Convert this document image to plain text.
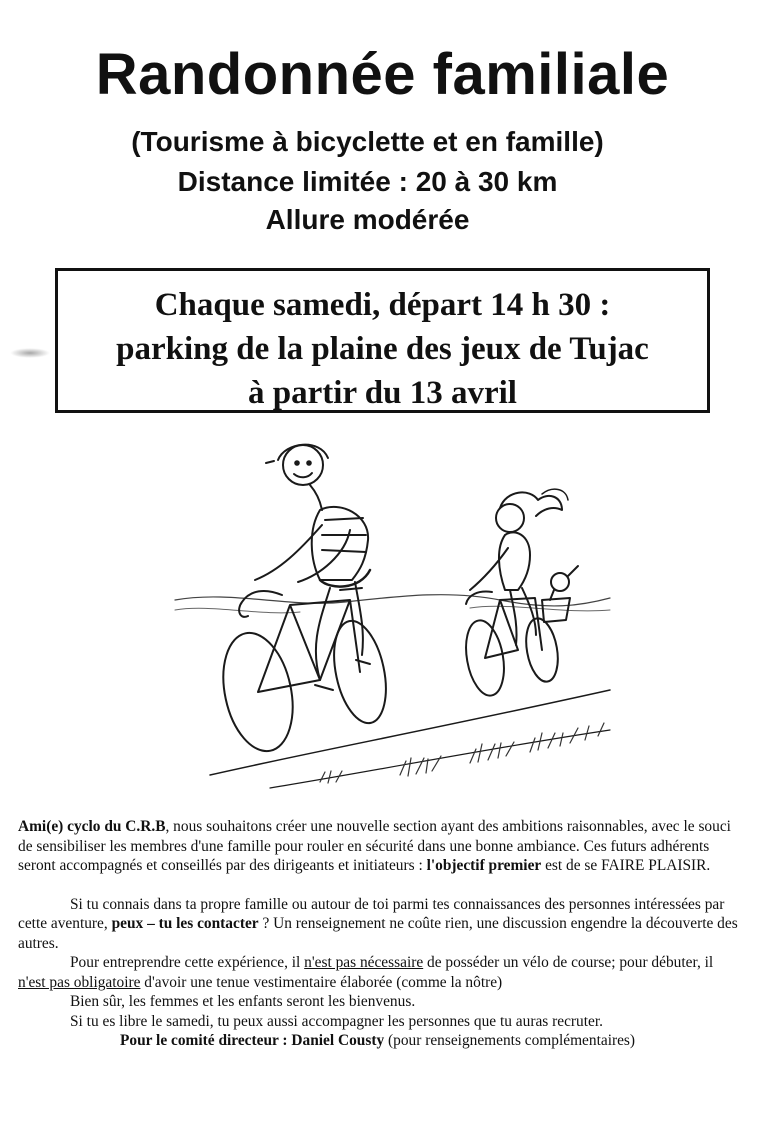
Randonnée familiale

(Tourisme à bicyclette et en famille)

Distance limitée : 20 à 30 km

Allure modérée

Chaque samedi, départ 14 h 30 :
parking de la plaine des jeux de Tujac
à partir du 13 avril

Ami(e) cyclo du C.R.B, nous souhaitons créer une nouvelle section ayant des ambitions raisonnables, avec le souci de sensibiliser les membres d'une famille pour rouler en sécurité dans une bonne ambiance. Ces futurs adhérents seront accompagnés et conseillés par des dirigeants et initiateurs : l'objectif premier est de se FAIRE PLAISIR.

Si tu connais dans ta propre famille ou autour de toi parmi tes connaissances des personnes intéressées par cette aventure, peux – tu les contacter ? Un renseignement ne coûte rien, une discussion engendre la découverte des autres.

Pour entreprendre cette expérience, il n'est pas nécessaire de posséder un vélo de course; pour débuter, il n'est pas obligatoire d'avoir une tenue vestimentaire élaborée (comme la nôtre)

Bien sûr, les femmes et les enfants seront les bienvenus.

Si tu es libre le samedi, tu peux aussi accompagner les personnes que tu auras recruter.

Pour le comité directeur : Daniel Cousty (pour renseignements complémentaires)
